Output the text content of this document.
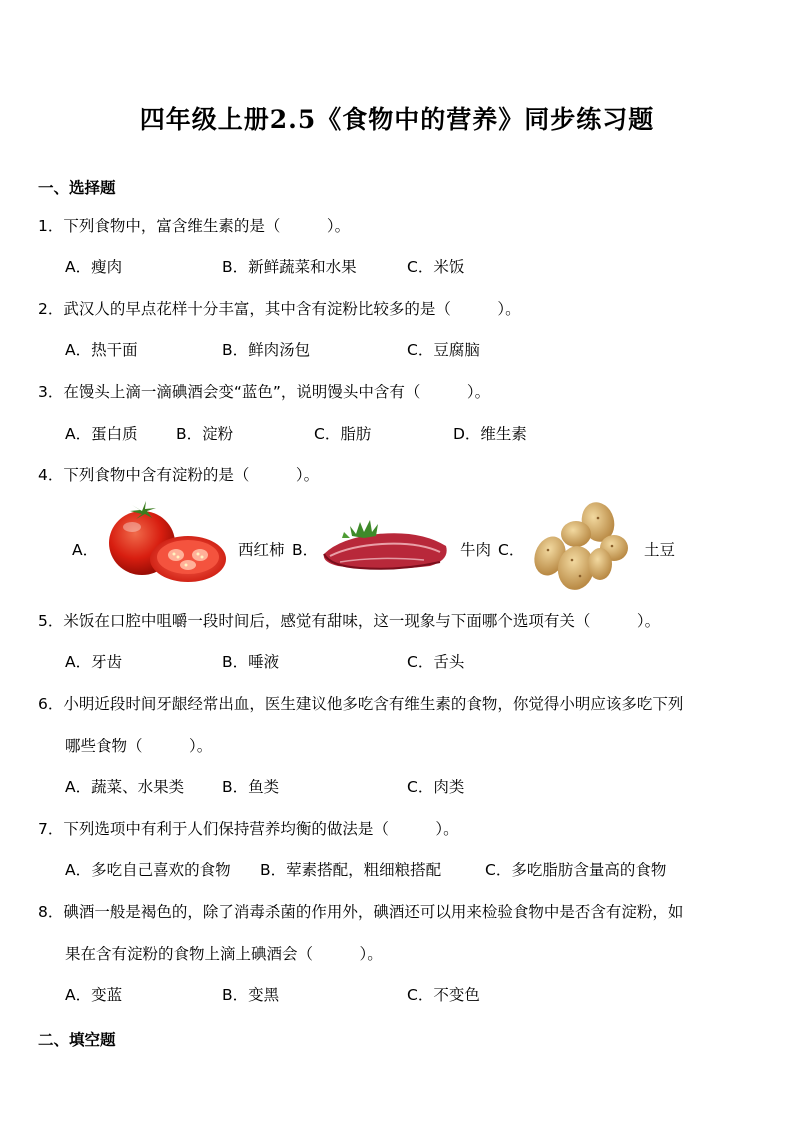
四年级上册2.5《食物中的营养》同步练习题
一、选择题
1．下列食物中，富含维生素的是（　　　）。
A．瘦肉	B．新鲜蔬菜和水果	C．米饭
2．武汉人的早点花样十分丰富，其中含有淀粉比较多的是（　　　）。
A．热干面	B．鲜肉汤包	C．豆腐脑
3．在馒头上滴一滴碘酒会变“蓝色”，说明馒头中含有（　　　）。
A．蛋白质 B．淀粉	C．脂肪	D．维生素
4．下列食物中含有淀粉的是（　　　）。
A．	西红柿 B．	牛肉 C．	土豆
5．米饭在口腔中咀嚼一段时间后，感觉有甜味，这一现象与下面哪个选项有关（　　　）。
A．牙齿	B．唾液	C．舌头
6．小明近段时间牙龈经常出血，医生建议他多吃含有维生素的食物，你觉得小明应该多吃下列
哪些食物（　　　）。
A．蔬菜、水果类 B．鱼类	C．肉类
7．下列选项中有利于人们保持营养均衡的做法是（　　　）。
A．多吃自己喜欢的食物 B．荤素搭配，粗细粮搭配	C．多吃脂肪含量高的食物
8．碘酒一般是褐色的，除了消毒杀菌的作用外，碘酒还可以用来检验食物中是否含有淀粉，如
果在含有淀粉的食物上滴上碘酒会（　　　）。
A．变蓝	B．变黑	C．不变色
二、填空题
